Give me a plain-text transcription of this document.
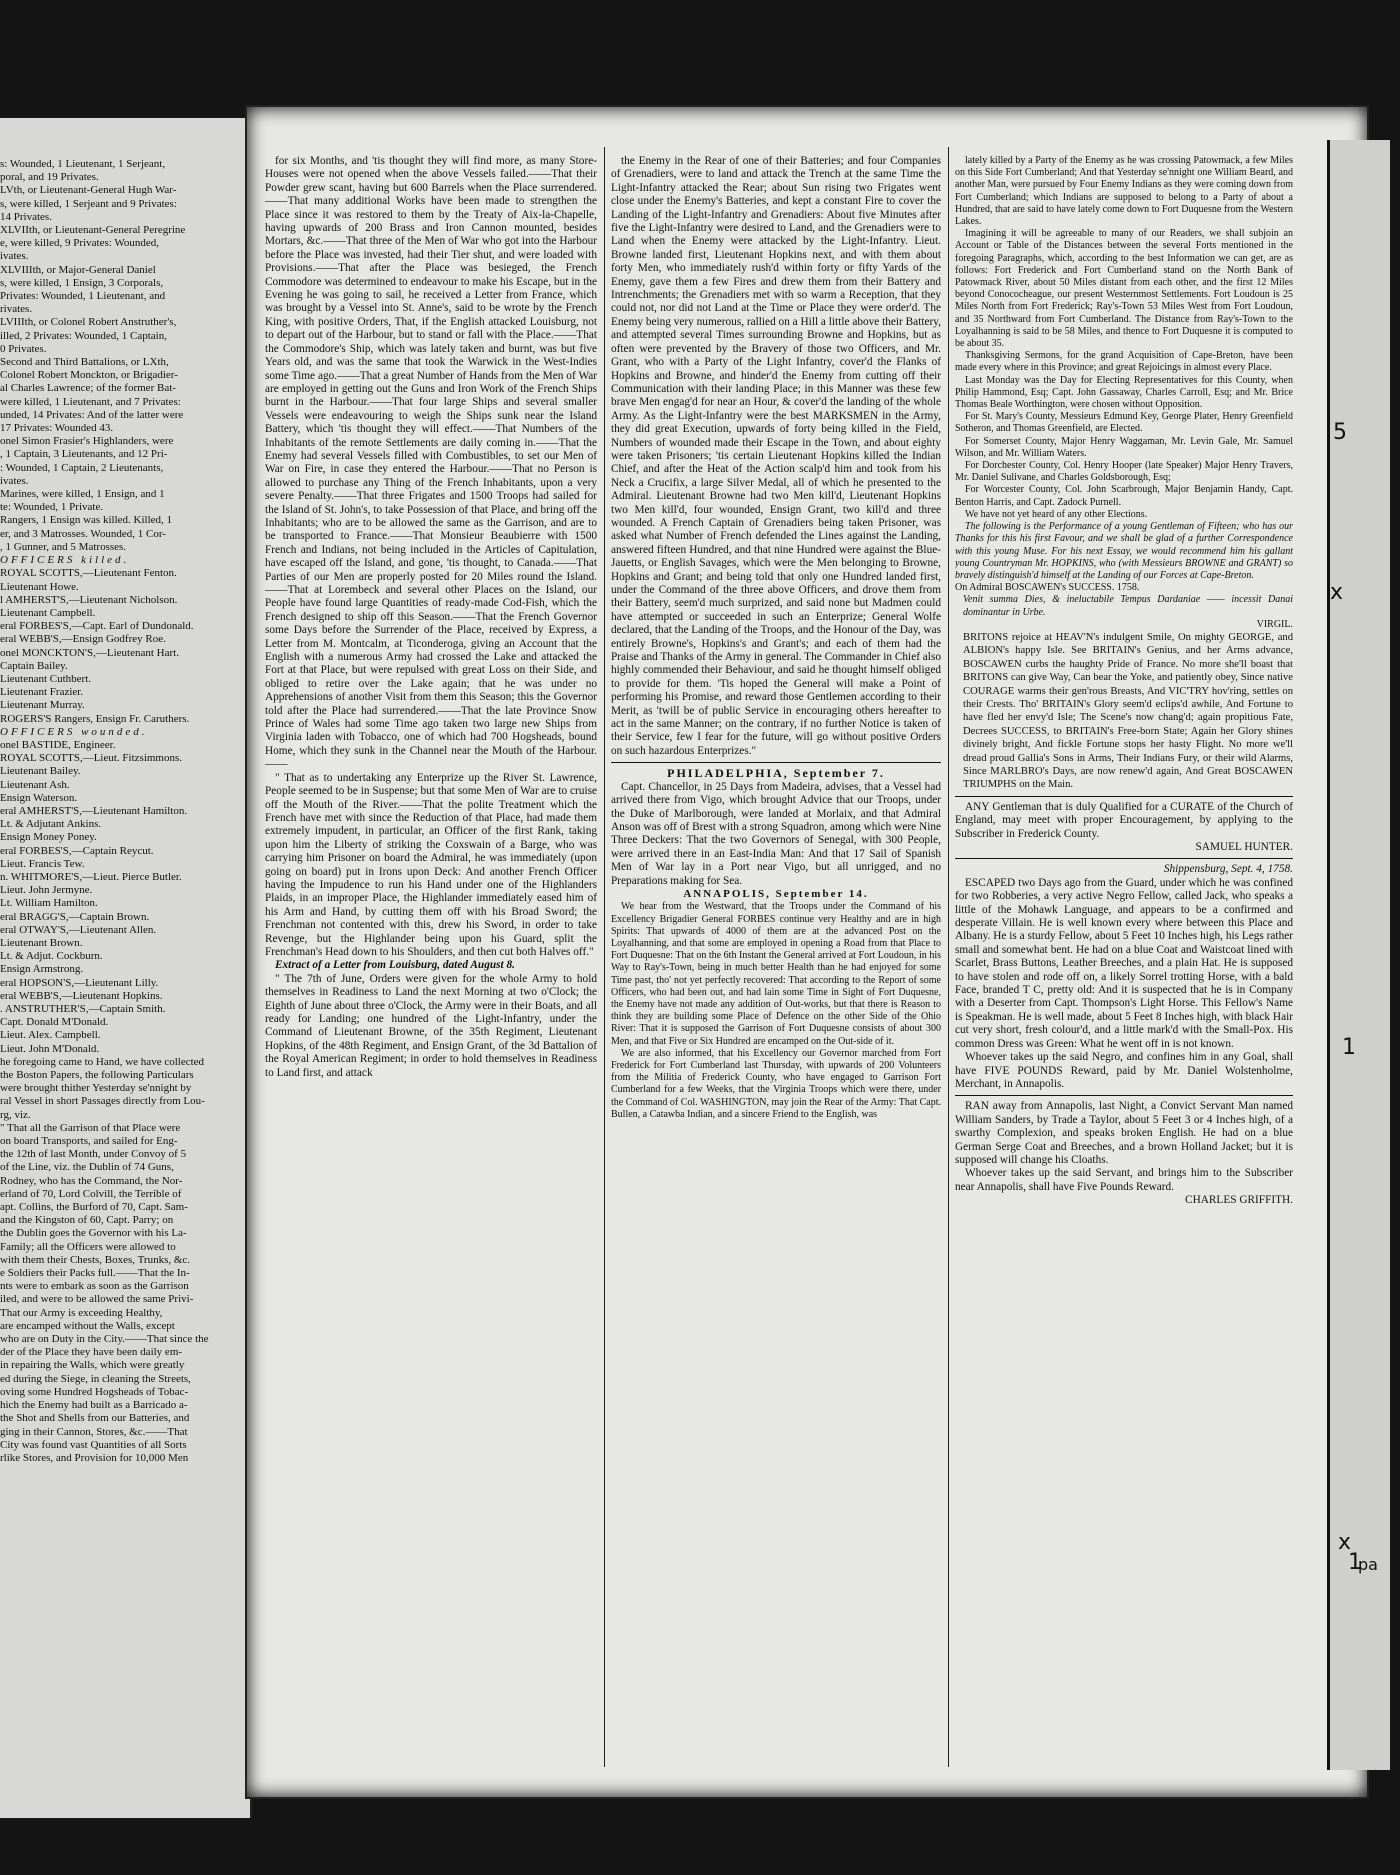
s: Wounded, 1 Lieutenant, 1 Serjeant,
poral, and 19 Privates.
LVth, or Lieutenant-General Hugh War-
s, were killed, 1 Serjeant and 9 Privates:
14 Privates.
XLVIIth, or Lieutenant-General Peregrine
e, were killed, 9 Privates: Wounded,
ivates.
XLVIIIth, or Major-General Daniel
s, were killed, 1 Ensign, 3 Corporals,
Privates: Wounded, 1 Lieutenant, and
rivates.
LVIIIth, or Colonel Robert Anstruther's,
illed, 2 Privates: Wounded, 1 Captain,
0 Privates.
Second and Third Battalions, or LXth,
Colonel Robert Monckton, or Brigadier-
al Charles Lawrence; of the former Bat-
were killed, 1 Lieutenant, and 7 Privates:
unded, 14 Privates: And of the latter were
17 Privates: Wounded 43.
onel Simon Frasier's Highlanders, were
, 1 Captain, 3 Lieutenants, and 12 Pri-
: Wounded, 1 Captain, 2 Lieutenants,
ivates.
Marines, were killed, 1 Ensign, and 1
te: Wounded, 1 Private.
Rangers, 1 Ensign was killed. Killed, 1
er, and 3 Matrosses. Wounded, 1 Cor-
, 1 Gunner, and 5 Matrosses.
OFFICERS killed.
ROYAL SCOTTS,—Lieutenant Fenton.
Lieutenant Howe.
l AMHERST'S,—Lieutenant Nicholson.
Lieutenant Campbell.
eral FORBES'S,—Capt. Earl of Dundonald.
eral WEBB'S,—Ensign Godfrey Roe.
onel MONCKTON'S,—Lieutenant Hart.
Captain Bailey.
Lieutenant Cuthbert.
Lieutenant Frazier.
Lieutenant Murray.
ROGERS'S Rangers, Ensign Fr. Caruthers.
OFFICERS wounded.
onel BASTIDE, Engineer.
ROYAL SCOTTS,—Lieut. Fitzsimmons.
Lieutenant Bailey.
Lieutenant Ash.
Ensign Waterson.
eral AMHERST'S,—Lieutenant Hamilton.
Lt. & Adjutant Ankins.
Ensign Money Poney.
eral FORBES'S,—Captain Reycut.
Lieut. Francis Tew.
n. WHITMORE'S,—Lieut. Pierce Butler.
Lieut. John Jermyne.
Lt. William Hamilton.
eral BRAGG'S,—Captain Brown.
eral OTWAY'S,—Lieutenant Allen.
Lieutenant Brown.
Lt. & Adjut. Cockburn.
Ensign Armstrong.
eral HOPSON'S,—Lieutenant Lilly.
eral WEBB'S,—Lieutenant Hopkins.
. ANSTRUTHER'S,—Captain Smith.
Capt. Donald M'Donald.
Lieut. Alex. Campbell.
Lieut. John M'Donald.
he foregoing came to Hand, we have collected
the Boston Papers, the following Particulars
were brought thither Yesterday se'nnight by
ral Vessel in short Passages directly from Lou-
rg, viz.
" That all the Garrison of that Place were
on board Transports, and sailed for Eng-
the 12th of last Month, under Convoy of 5
of the Line, viz. the Dublin of 74 Guns,
Rodney, who has the Command, the Nor-
erland of 70, Lord Colvill, the Terrible of
apt. Collins, the Burford of 70, Capt. Sam-
and the Kingston of 60, Capt. Parry; on
the Dublin goes the Governor with his La-
Family; all the Officers were allowed to
with them their Chests, Boxes, Trunks, &c.
e Soldiers their Packs full.——That the In-
nts were to embark as soon as the Garrison
iled, and were to be allowed the same Privi-
That our Army is exceeding Healthy,
are encamped without the Walls, except
who are on Duty in the City.——That since the
der of the Place they have been daily em-
in repairing the Walls, which were greatly
ed during the Siege, in cleaning the Streets,
oving some Hundred Hogsheads of Tobac-
hich the Enemy had built as a Barricado a-
the Shot and Shells from our Batteries, and
ging in their Cannon, Stores, &c.——That
City was found vast Quantities of all Sorts
rlike Stores, and Provision for 10,000 Men

for six Months, and 'tis thought they will find more, as many Store-Houses were not opened when the above Vessels failed.——That their Powder grew scant, having but 600 Barrels when the Place surrendered.——That many additional Works have been made to strengthen the Place since it was restored to them by the Treaty of Aix-la-Chapelle, having upwards of 200 Brass and Iron Cannon mounted, besides Mortars, &c.——That three of the Men of War who got into the Harbour before the Place was invested, had their Tier shut, and were loaded with Provisions.——That after the Place was besieged, the French Commodore was determined to endeavour to make his Escape, but in the Evening he was going to sail, he received a Letter from France, which was brought by a Vessel into St. Anne's, said to be wrote by the French King, with positive Orders, That, if the English attacked Louisburg, not to depart out of the Harbour, but to stand or fall with the Place.——That the Commodore's Ship, which was lately taken and burnt, was but five Years old, and was the same that took the Warwick in the West-Indies some Time ago.——That a great Number of Hands from the Men of War are employed in getting out the Guns and Iron Work of the French Ships burnt in the Harbour.——That four large Ships and several smaller Vessels were endeavouring to weigh the Ships sunk near the Island Battery, which 'tis thought they will effect.——That Numbers of the Inhabitants of the remote Settlements are daily coming in.——That the Enemy had several Vessels filled with Combustibles, to set our Men of War on Fire, in case they entered the Harbour.——That no Person is allowed to purchase any Thing of the French Inhabitants, upon a very severe Penalty.——That three Frigates and 1500 Troops had sailed for the Island of St. John's, to take Possession of that Place, and bring off the Inhabitants; who are to be allowed the same as the Garrison, and are to be transported to France.——That Monsieur Beaubierre with 1500 French and Indians, not being included in the Articles of Capitulation, have escaped off the Island, and gone, 'tis thought, to Canada.——That Parties of our Men are properly posted for 20 Miles round the Island.——That at Lorembeck and several other Places on the Island, our People have found large Quantities of ready-made Cod-Fish, which the French designed to ship off this Season.——That the French Governor some Days before the Surrender of the Place, received by Express, a Letter from M. Montcalm, at Ticonderoga, giving an Account that the English with a numerous Army had crossed the Lake and attacked the Fort at that Place, but were repulsed with great Loss on their Side, and obliged to retire over the Lake again; that he was under no Apprehensions of another Visit from them this Season; this the Governor told after the Place had surrendered.——That the late Province Snow Prince of Wales had some Time ago taken two large new Ships from Virginia laden with Tobacco, one of which had 700 Hogsheads, bound Home, which they sunk in the Channel near the Mouth of the Harbour.——

" That as to undertaking any Enterprize up the River St. Lawrence, People seemed to be in Suspense; but that some Men of War are to cruise off the Mouth of the River.——That the polite Treatment which the French have met with since the Reduction of that Place, had made them extremely impudent, in particular, an Officer of the first Rank, taking upon him the Liberty of striking the Coxswain of a Barge, who was carrying him Prisoner on board the Admiral, he was immediately (upon going on board) put in Irons upon Deck: And another French Officer having the Impudence to run his Hand under one of the Highlanders Plaids, in an improper Place, the Highlander immediately eased him of his Arm and Hand, by cutting them off with his Broad Sword; the Frenchman not contented with this, drew his Sword, in order to take Revenge, but the Highlander being upon his Guard, split the Frenchman's Head down to his Shoulders, and then cut both Halves off."

Extract of a Letter from Louisburg, dated August 8.

" The 7th of June, Orders were given for the whole Army to hold themselves in Readiness to Land the next Morning at two o'Clock; the Eighth of June about three o'Clock, the Army were in their Boats, and all ready for Landing; one hundred of the Light-Infantry, under the Command of Lieutenant Browne, of the 35th Regiment, Lieutenant Hopkins, of the 48th Regiment, and Ensign Grant, of the 3d Battalion of the Royal American Regiment; in order to hold themselves in Readiness to Land first, and attack

the Enemy in the Rear of one of their Batteries; and four Companies of Grenadiers, were to land and attack the Trench at the same Time the Light-Infantry attacked the Rear; about Sun rising two Frigates went close under the Enemy's Batteries, and kept a constant Fire to cover the Landing of the Light-Infantry and Grenadiers: About five Minutes after five the Light-Infantry were desired to Land, and the Grenadiers were to Land when the Enemy were attacked by the Light-Infantry. Lieut. Browne landed first, Lieutenant Hopkins next, and with them about forty Men, who immediately rush'd within forty or fifty Yards of the Enemy, gave them a few Fires and drew them from their Battery and Intrenchments; the Grenadiers met with so warm a Reception, that they could not, nor did not Land at the Time or Place they were order'd. The Enemy being very numerous, rallied on a Hill a little above their Battery, and attempted several Times surrounding Browne and Hopkins, but as often were prevented by the Bravery of those two Officers, and Mr. Grant, who with a Party of the Light Infantry, cover'd the Flanks of Hopkins and Browne, and hinder'd the Enemy from cutting off their Communication with their landing Place; in this Manner was these few brave Men engag'd for near an Hour, & cover'd the landing of the whole Army. As the Light-Infantry were the best MARKSMEN in the Army, they did great Execution, upwards of forty being killed in the Field, Numbers of wounded made their Escape in the Town, and about eighty were taken Prisoners; 'tis certain Lieutenant Hopkins killed the Indian Chief, and after the Heat of the Action scalp'd him and took from his Neck a Crucifix, a large Silver Medal, all of which he presented to the Admiral. Lieutenant Browne had two Men kill'd, Lieutenant Hopkins two Men kill'd, four wounded, Ensign Grant, two kill'd and three wounded. A French Captain of Grenadiers being taken Prisoner, was asked what Number of French defended the Lines against the Landing, answered fifteen Hundred, and that nine Hundred were against the Blue-Jauetts, or English Savages, which were the Men belonging to Browne, Hopkins and Grant; and being told that only one Hundred landed first, under the Command of the three above Officers, and drove them from their Battery, seem'd much surprized, and said none but Madmen could have attempted or succeeded in such an Enterprize; General Wolfe declared, that the Landing of the Troops, and the Honour of the Day, was entirely Browne's, Hopkins's and Grant's; and each of them had the Praise and Thanks of the Army in general. The Commander in Chief also highly commended their Behaviour, and said he thought himself obliged to provide for them. 'Tis hoped the General will make a Point of performing his Promise, and reward those Gentlemen according to their Merit, as 'twill be of public Service in encouraging others hereafter to act in the same Manner; on the contrary, if no further Notice is taken of their Service, few I fear for the future, will go without positive Orders on such hazardous Enterprizes."

PHILADELPHIA, September 7.

Capt. Chancellor, in 25 Days from Madeira, advises, that a Vessel had arrived there from Vigo, which brought Advice that our Troops, under the Duke of Marlborough, were landed at Morlaix, and that Admiral Anson was off of Brest with a strong Squadron, among which were Nine Three Deckers: That the two Governors of Senegal, with 300 People, were arrived there in an East-India Man: And that 17 Sail of Spanish Men of War lay in a Port near Vigo, but all unrigged, and no Preparations making for Sea.

ANNAPOLIS, September 14.

We hear from the Westward, that the Troops under the Command of his Excellency Brigadier General FORBES continue very Healthy and are in high Spirits: That upwards of 4000 of them are at the advanced Post on the Loyalhanning, and that some are employed in opening a Road from that Place to Fort Duquesne: That on the 6th Instant the General arrived at Fort Loudoun, in his Way to Ray's-Town, being in much better Health than he had enjoyed for some Time past, tho' not yet perfectly recovered: That according to the Report of some Officers, who had been out, and had lain some Time in Sight of Fort Duquesne, the Enemy have not made any addition of Out-works, but that there is Reason to think they are building some Place of Defence on the other Side of the Ohio River: That it is supposed the Garrison of Fort Duquesne consists of about 300 Men, and that Five or Six Hundred are encamped on the Out-side of it.

We are also informed, that his Excellency our Governor marched from Fort Frederick for Fort Cumberland last Thursday, with upwards of 200 Volunteers from the Militia of Frederick County, who have engaged to Garrison Fort Cumberland for a few Weeks, that the Virginia Troops which were there, under the Command of Col. WASHINGTON, may join the Rear of the Army: That Capt. Bullen, a Catawba Indian, and a sincere Friend to the English, was

lately killed by a Party of the Enemy as he was crossing Patowmack, a few Miles on this Side Fort Cumberland; And that Yesterday se'nnight one William Beard, and another Man, were pursued by Four Enemy Indians as they were coming down from Fort Cumberland; which Indians are supposed to belong to a Party of about a Hundred, that are said to have lately come down to Fort Duquesne from the Western Lakes.

Imagining it will be agreeable to many of our Readers, we shall subjoin an Account or Table of the Distances between the several Forts mentioned in the foregoing Paragraphs, which, according to the best Information we can get, are as follows: Fort Frederick and Fort Cumberland stand on the North Bank of Patowmack River, about 50 Miles distant from each other, and the first 12 Miles beyond Conococheague, our present Westernmost Settlements. Fort Loudoun is 25 Miles North from Fort Frederick; Ray's-Town 53 Miles West from Fort Loudoun, and 35 Northward from Fort Cumberland. The Distance from Ray's-Town to the Loyalhanning is said to be 58 Miles, and thence to Fort Duquesne it is computed to be about 35.

Thanksgiving Sermons, for the grand Acquisition of Cape-Breton, have been made every where in this Province; and great Rejoicings in almost every Place.

Last Monday was the Day for Electing Representatives for this County, when Philip Hammond, Esq; Capt. John Gassaway, Charles Carroll, Esq; and Mr. Brice Thomas Beale Worthington, were chosen without Opposition.

For St. Mary's County, Messieurs Edmund Key, George Plater, Henry Greenfield Sotheron, and Thomas Greenfield, are Elected.

For Somerset County, Major Henry Waggaman, Mr. Levin Gale, Mr. Samuel Wilson, and Mr. William Waters.

For Dorchester County, Col. Henry Hooper (late Speaker) Major Henry Travers, Mr. Daniel Sulivane, and Charles Goldsborough, Esq;

For Worcester County, Col. John Scarbrough, Major Benjamin Handy, Capt. Benton Harris, and Capt. Zadock Purnell.

We have not yet heard of any other Elections.

The following is the Performance of a young Gentleman of Fifteen; who has our Thanks for this his first Favour, and we shall be glad of a further Correspondence with this young Muse. For his next Essay, we would recommend him his gallant young Countryman Mr. HOPKINS, who (with Messieurs BROWNE and GRANT) so bravely distinguish'd himself at the Landing of our Forces at Cape-Breton.

On Admiral BOSCAWEN's SUCCESS. 1758.

Venit summa Dies, & ineluctabile Tempus Dardaniae —— incessit Danai dominantur in Urbe.

VIRGIL.

BRITONS rejoice at HEAV'N's indulgent Smile, On mighty GEORGE, and ALBION's happy Isle. See BRITAIN's Genius, and her Arms advance, BOSCAWEN curbs the haughty Pride of France. No more she'll boast that BRITONS can give Way, Can bear the Yoke, and patiently obey, Since native COURAGE warms their gen'rous Breasts, And VIC'TRY hov'ring, settles on their Crests. Tho' BRITAIN's Glory seem'd eclips'd awhile, And Fortune to have fled her envy'd Isle; The Scene's now chang'd; again propitious Fate, Decrees SUCCESS, to BRITAIN's Free-born State; Again her Glory shines divinely bright, And fickle Fortune stops her hasty Flight. No more we'll dread proud Gallia's Sons in Arms, Their Indians Fury, or their wild Alarms, Since MARLBRO's Days, are now renew'd again, And Great BOSCAWEN TRIUMPHS on the Main.

ANY Gentleman that is duly Qualified for a CURATE of the Church of England, may meet with proper Encouragement, by applying to the Subscriber in Frederick County.

SAMUEL HUNTER.

Shippensburg, Sept. 4, 1758.

ESCAPED two Days ago from the Guard, under which he was confined for two Robberies, a very active Negro Fellow, called Jack, who speaks a little of the Mohawk Language, and appears to be a confirmed and desperate Villain. He is well known every where between this Place and Albany. He is a sturdy Fellow, about 5 Feet 10 Inches high, his Legs rather small and somewhat bent. He had on a blue Coat and Waistcoat lined with Scarlet, Brass Buttons, Leather Breeches, and a plain Hat. He is supposed to have stolen and rode off on, a likely Sorrel trotting Horse, with a bald Face, branded T C, pretty old: And it is suspected that he is in Company with a Deserter from Capt. Thompson's Light Horse. This Fellow's Name is Speakman. He is well made, about 5 Feet 8 Inches high, with black Hair cut very short, fresh colour'd, and a little mark'd with the Small-Pox. His common Dress was Green: What he went off in is not known.

Whoever takes up the said Negro, and confines him in any Goal, shall have FIVE POUNDS Reward, paid by Mr. Daniel Wolstenholme, Merchant, in Annapolis.

RAN away from Annapolis, last Night, a Convict Servant Man named William Sanders, by Trade a Taylor, about 5 Feet 3 or 4 Inches high, of a swarthy Complexion, and speaks broken English. He had on a blue German Serge Coat and Breeches, and a brown Holland Jacket; but it is supposed will change his Cloaths.

Whoever takes up the said Servant, and brings him to the Subscriber near Annapolis, shall have Five Pounds Reward.

CHARLES GRIFFITH.

5
x
1
x
1
pa
